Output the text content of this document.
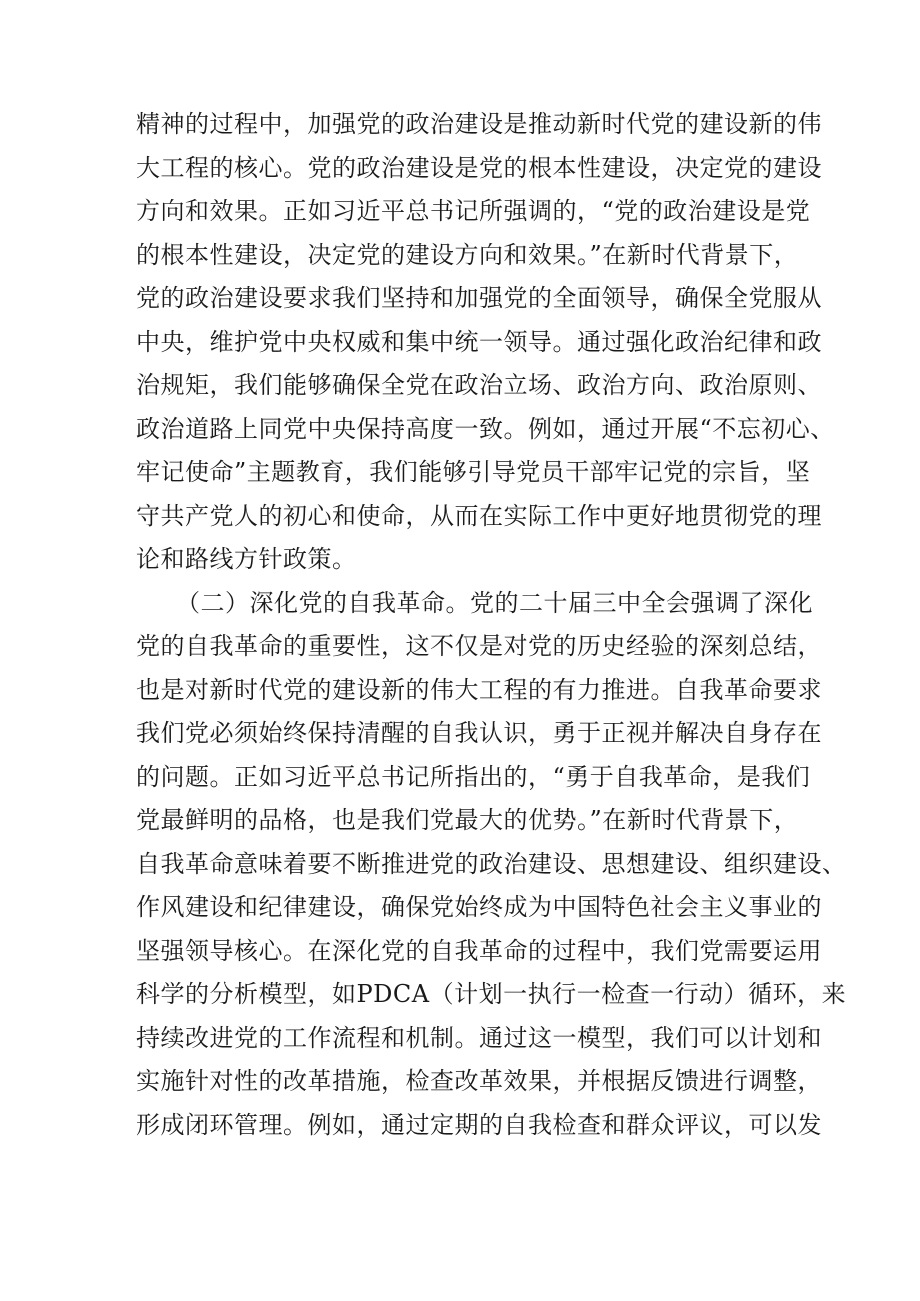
精神的过程中，加强党的政治建设是推动新时代党的建设新的伟
大工程的核心。党的政治建设是党的根本性建设，决定党的建设
方向和效果。正如习近平总书记所强调的，“党的政治建设是党
的根本性建设，决定党的建设方向和效果。”在新时代背景下，
党的政治建设要求我们坚持和加强党的全面领导，确保全党服从
中央，维护党中央权威和集中统一领导。通过强化政治纪律和政
治规矩，我们能够确保全党在政治立场、政治方向、政治原则、
政治道路上同党中央保持高度一致。例如，通过开展“不忘初心、
牢记使命”主题教育，我们能够引导党员干部牢记党的宗旨，坚
守共产党人的初心和使命，从而在实际工作中更好地贯彻党的理
论和路线方针政策。
（二）深化党的自我革命。党的二十届三中全会强调了深化
党的自我革命的重要性，这不仅是对党的历史经验的深刻总结，
也是对新时代党的建设新的伟大工程的有力推进。自我革命要求
我们党必须始终保持清醒的自我认识，勇于正视并解决自身存在
的问题。正如习近平总书记所指出的，“勇于自我革命，是我们
党最鲜明的品格，也是我们党最大的优势。”在新时代背景下，
自我革命意味着要不断推进党的政治建设、思想建设、组织建设、
作风建设和纪律建设，确保党始终成为中国特色社会主义事业的
坚强领导核心。在深化党的自我革命的过程中，我们党需要运用
科学的分析模型，如PDCA（计划一执行一检查一行动）循环，来
持续改进党的工作流程和机制。通过这一模型，我们可以计划和
实施针对性的改革措施，检查改革效果，并根据反馈进行调整，
形成闭环管理。例如，通过定期的自我检查和群众评议，可以发
